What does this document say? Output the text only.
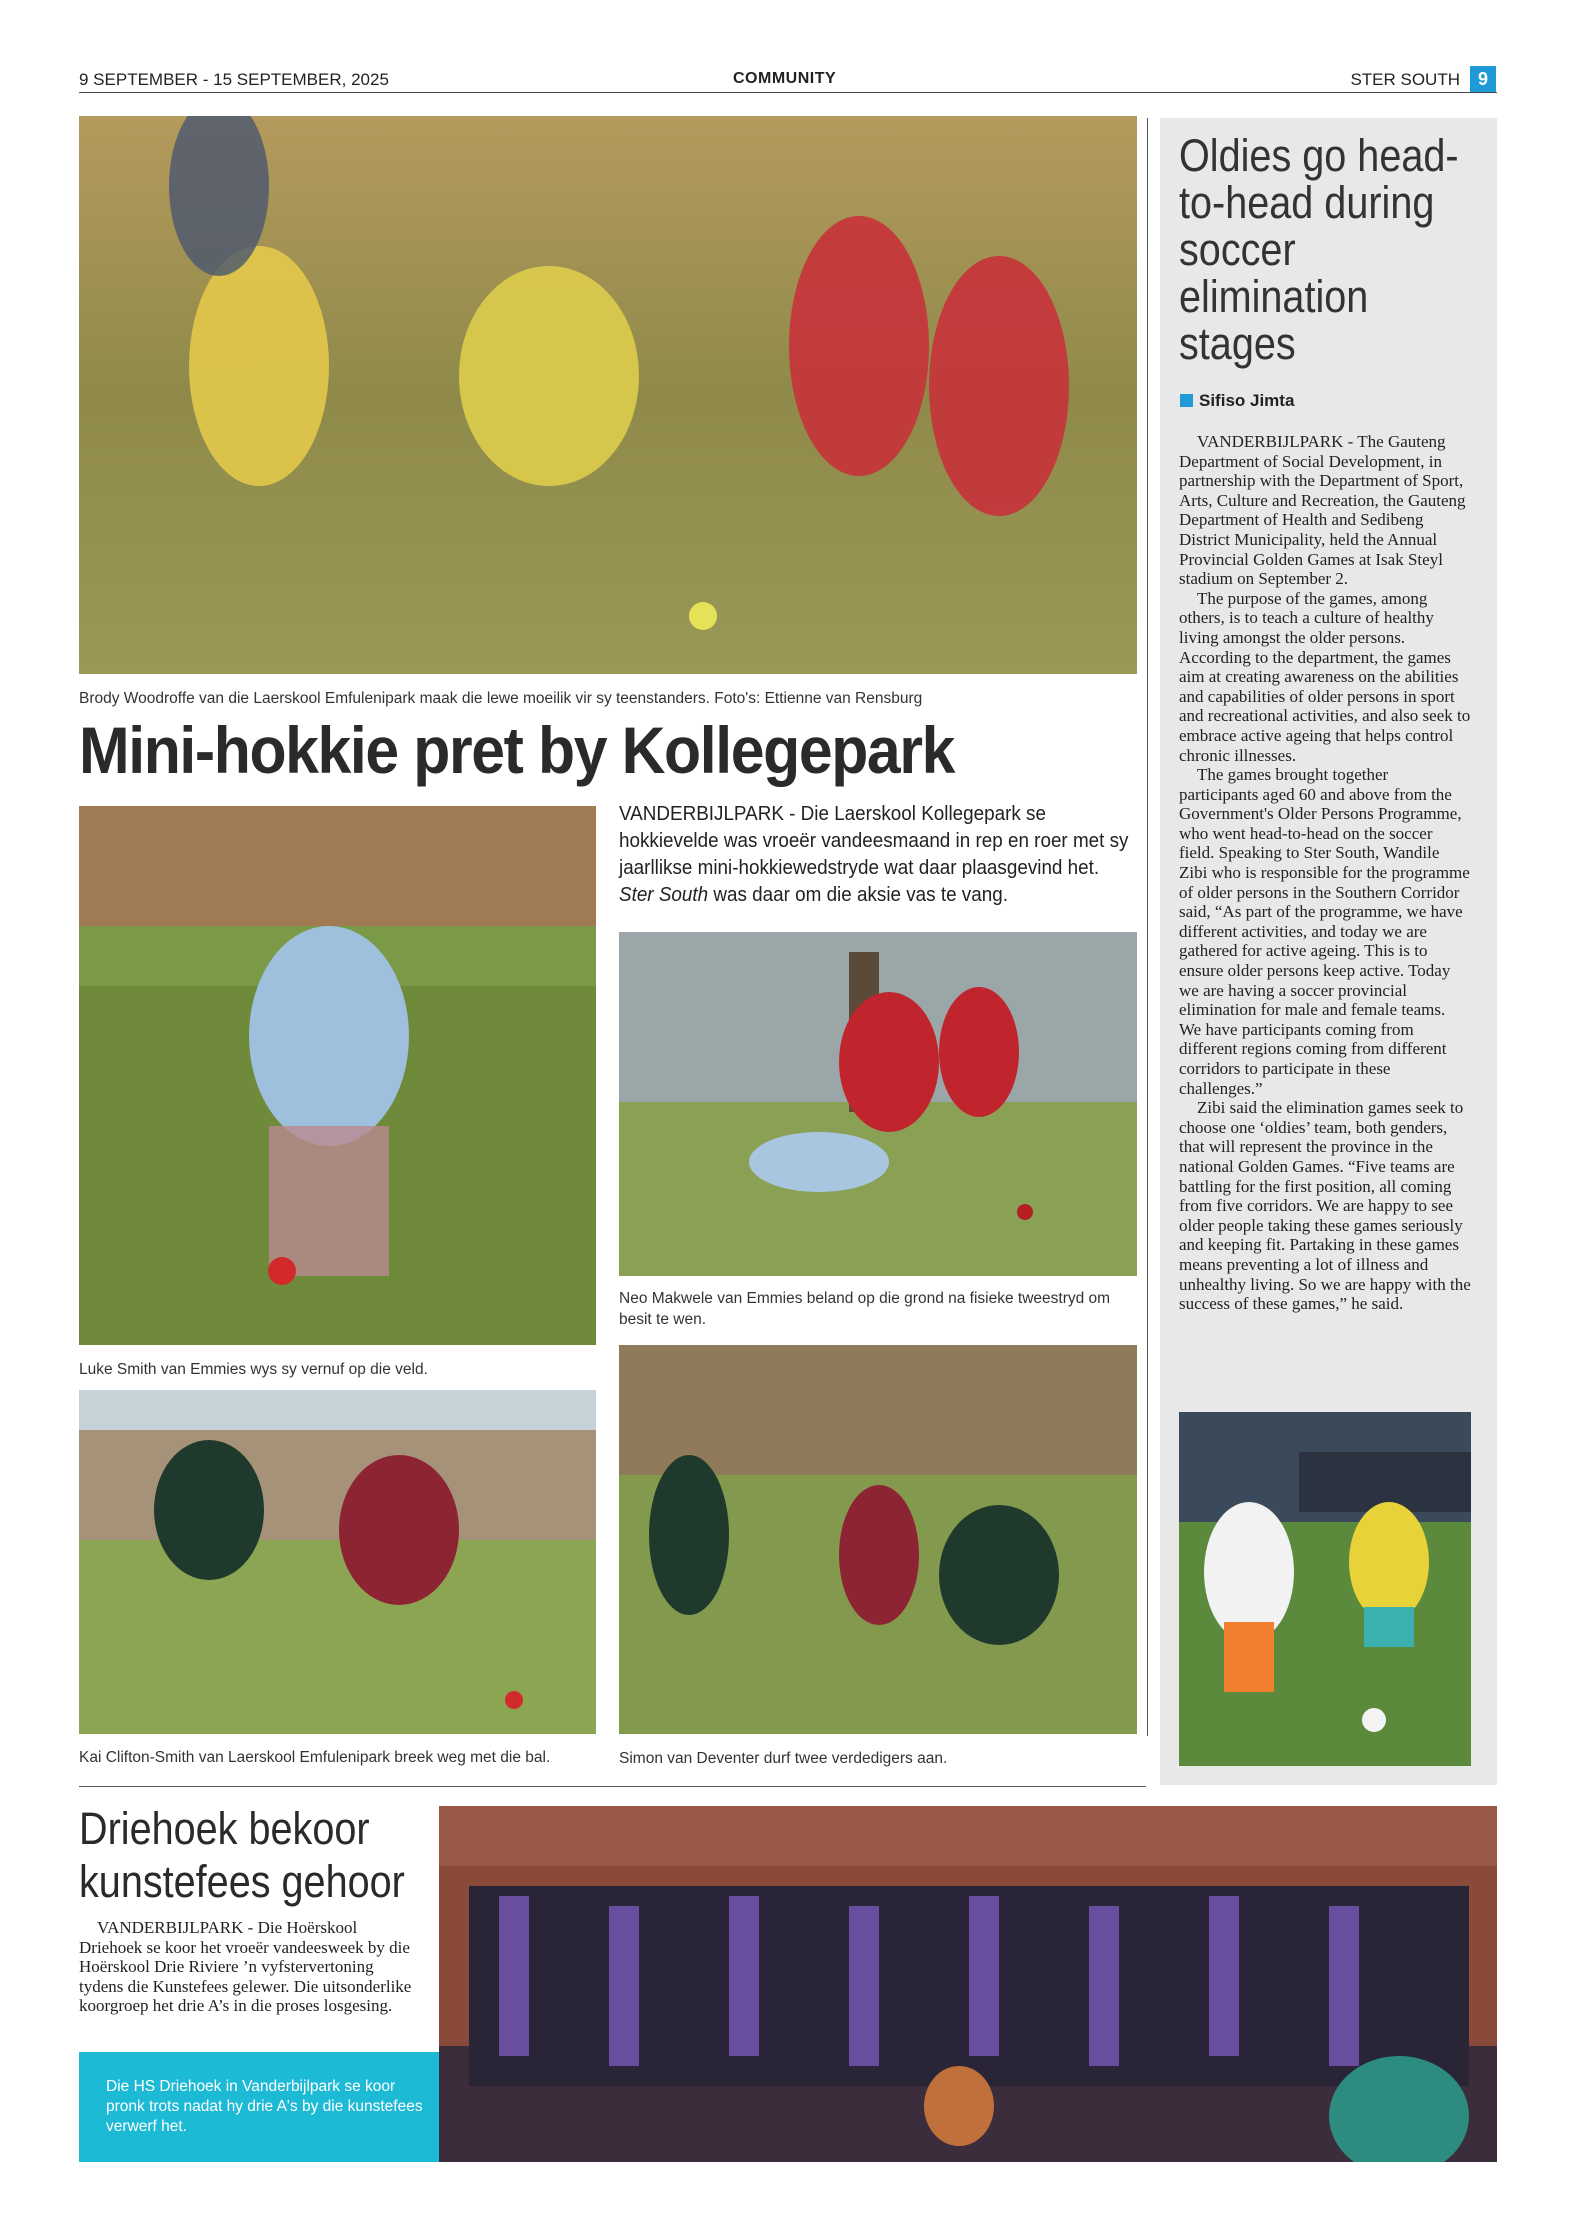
9 SEPTEMBER - 15 SEPTEMBER, 2025	COMMUNITY	STER SOUTH 9
Brody Woodroffe van die Laerskool Emfulenipark maak die lewe moeilik vir sy teenstanders. Foto's: Ettienne van Rensburg
Mini-hokkie pret by Kollegepark
Luke Smith van Emmies wys sy vernuf op die veld.
Kai Clifton-Smith van Laerskool Emfulenipark breek weg met die bal.
VANDERBIJLPARK - Die Laerskool Kollegepark se hokkievelde was vroeër vandeesmaand in rep en roer met sy jaarllikse mini-hokkiewedstryde wat daar plaasgevind het. Ster South was daar om die aksie vas te vang.
Neo Makwele van Emmies beland op die grond na fisieke tweestryd om besit te wen.
Simon van Deventer durf twee verdedigers aan.
Oldies go head-to-head during soccer elimination stages
Sifiso Jimta

VANDERBIJLPARK - The Gauteng Department of Social Development, in partnership with the Department of Sport, Arts, Culture and Recreation, the Gauteng Department of Health and Sedibeng District Municipality, held the Annual Provincial Golden Games at Isak Steyl stadium on September 2.

The purpose of the games, among others, is to teach a culture of healthy living amongst the older persons. According to the department, the games aim at creating awareness on the abilities and capabilities of older persons in sport and recreational activities, and also seek to embrace active ageing that helps control chronic illnesses.

The games brought together participants aged 60 and above from the Government's Older Persons Programme, who went head-to-head on the soccer field. Speaking to Ster South, Wandile Zibi who is responsible for the programme of older persons in the Southern Corridor said, “As part of the programme, we have different activities, and today we are gathered for active ageing. This is to ensure older persons keep active. Today we are having a soccer provincial elimination for male and female teams. We have participants coming from different regions coming from different corridors to participate in these challenges.”

Zibi said the elimination games seek to choose one ‘oldies’ team, both genders, that will represent the province in the national Golden Games. “Five teams are battling for the first position, all coming from five corridors. We are happy to see older people taking these games seriously and keeping fit. Partaking in these games means preventing a lot of illness and unhealthy living. So we are happy with the success of these games,” he said.

Driehoek bekoor kunstefees gehoor

VANDERBIJLPARK - Die Hoërskool Driehoek se koor het vroeër vandeesweek by die Hoërskool Drie Riviere ’n vyfstervertoning tydens die Kunstefees gelewer. Die uitsonderlike koorgroep het drie A’s in die proses losgesing.

Die HS Driehoek in Vanderbijlpark se koor pronk trots nadat hy drie A's by die kunstefees verwerf het.
